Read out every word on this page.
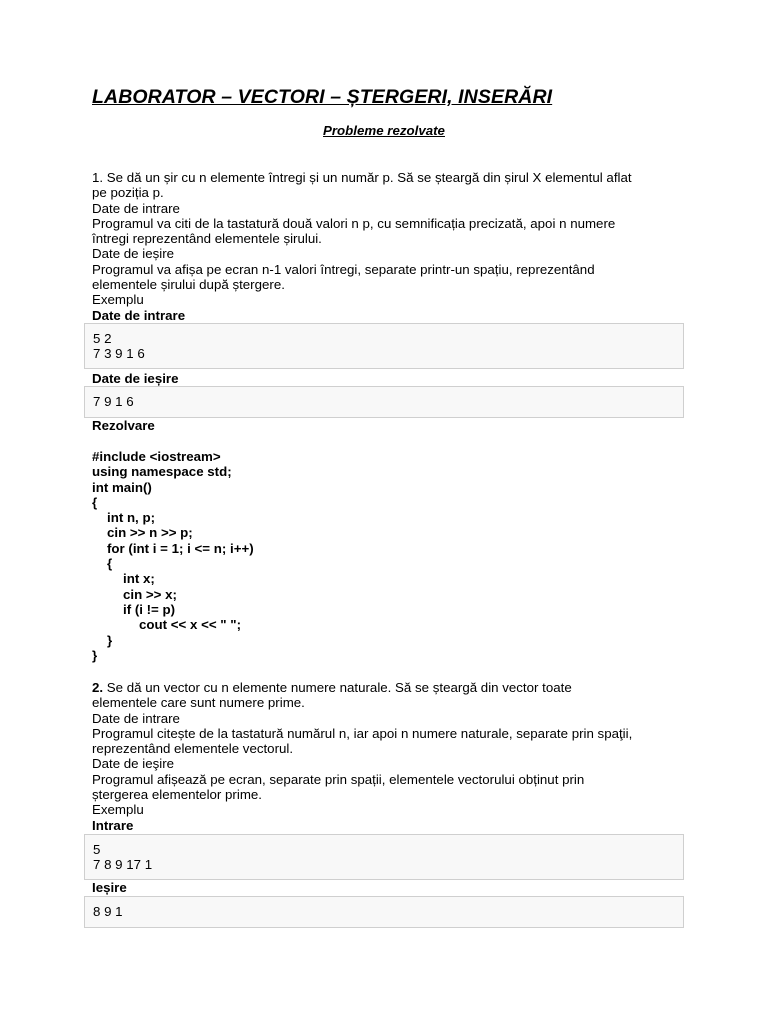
LABORATOR – VECTORI – ȘTERGERI, INSERĂRI
Probleme rezolvate

1. Se dă un șir cu n elemente întregi și un număr p. Să se șteargă din șirul X elementul aflat

pe poziția p.

Date de intrare

Programul va citi de la tastatură două valori n p, cu semnificația precizată, apoi n numere

întregi reprezentând elementele șirului.

Date de ieșire

Programul va afișa pe ecran n-1 valori întregi, separate printr-un spațiu, reprezentând

elementele șirului după ștergere.

Exemplu

Date de intrare

5 2

7 3 9 1 6

Date de ieșire

7 9 1 6

Rezolvare
#include <iostream>
using namespace std;
int main()
{
int n, p;
cin >> n >> p;
for (int i = 1; i <= n; i++)
{
int x;
cin >> x;
if (i != p)
cout << x << " ";
}
}

2. Se dă un vector cu n elemente numere naturale. Să se șteargă din vector toate

elementele care sunt numere prime.

Date de intrare

Programul citește de la tastatură numărul n, iar apoi n numere naturale, separate prin spaţii,

reprezentând elementele vectorul.

Date de ieşire

Programul afișează pe ecran, separate prin spații, elementele vectorului obținut prin

ștergerea elementelor prime.

Exemplu

Intrare

5

7 8 9 17 1

Ieșire

8 9 1
